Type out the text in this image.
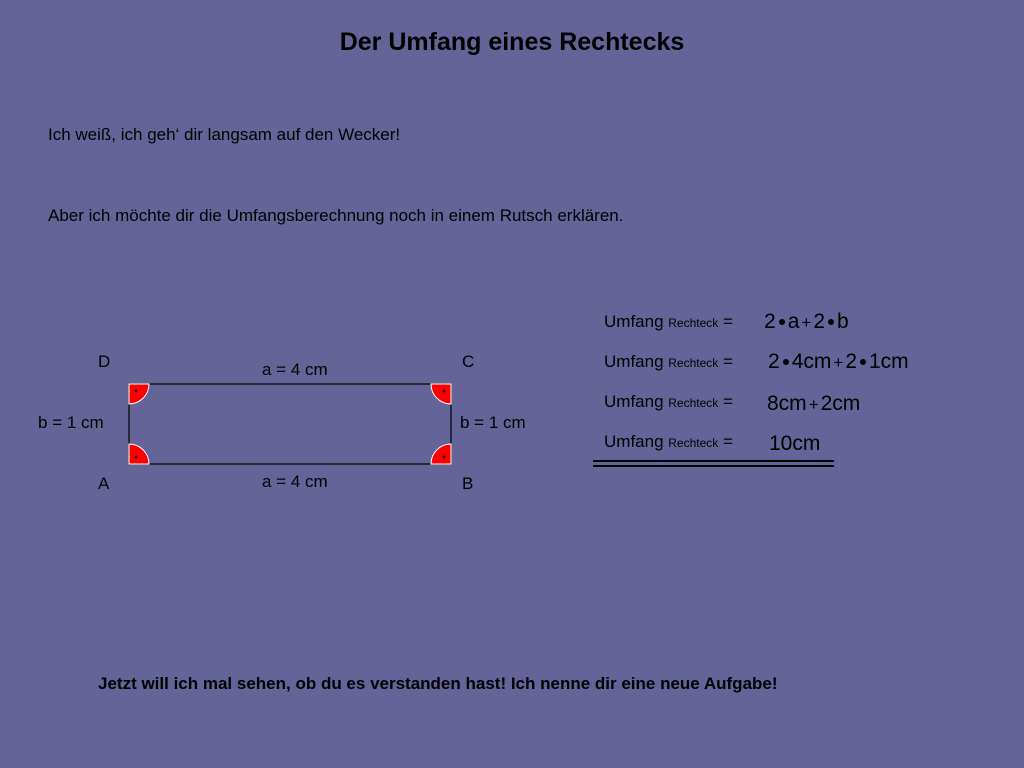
Der Umfang eines Rechtecks
Ich weiß, ich geh‘ dir langsam auf den Wecker!
Aber ich möchte dir die Umfangsberechnung noch in einem Rutsch erklären.
D	C
A	B
a = 4 cm
a = 4 cm
b = 1 cm	b = 1 cm
Umfang Rechteck = 2 a +2 b
Umfang Rechteck = 2 4cm +2 1cm
Umfang Rechteck = 8cm +2cm
Umfang Rechteck = 10cm
Jetzt will ich mal sehen, ob du es verstanden hast! Ich nenne dir eine neue Aufgabe!
